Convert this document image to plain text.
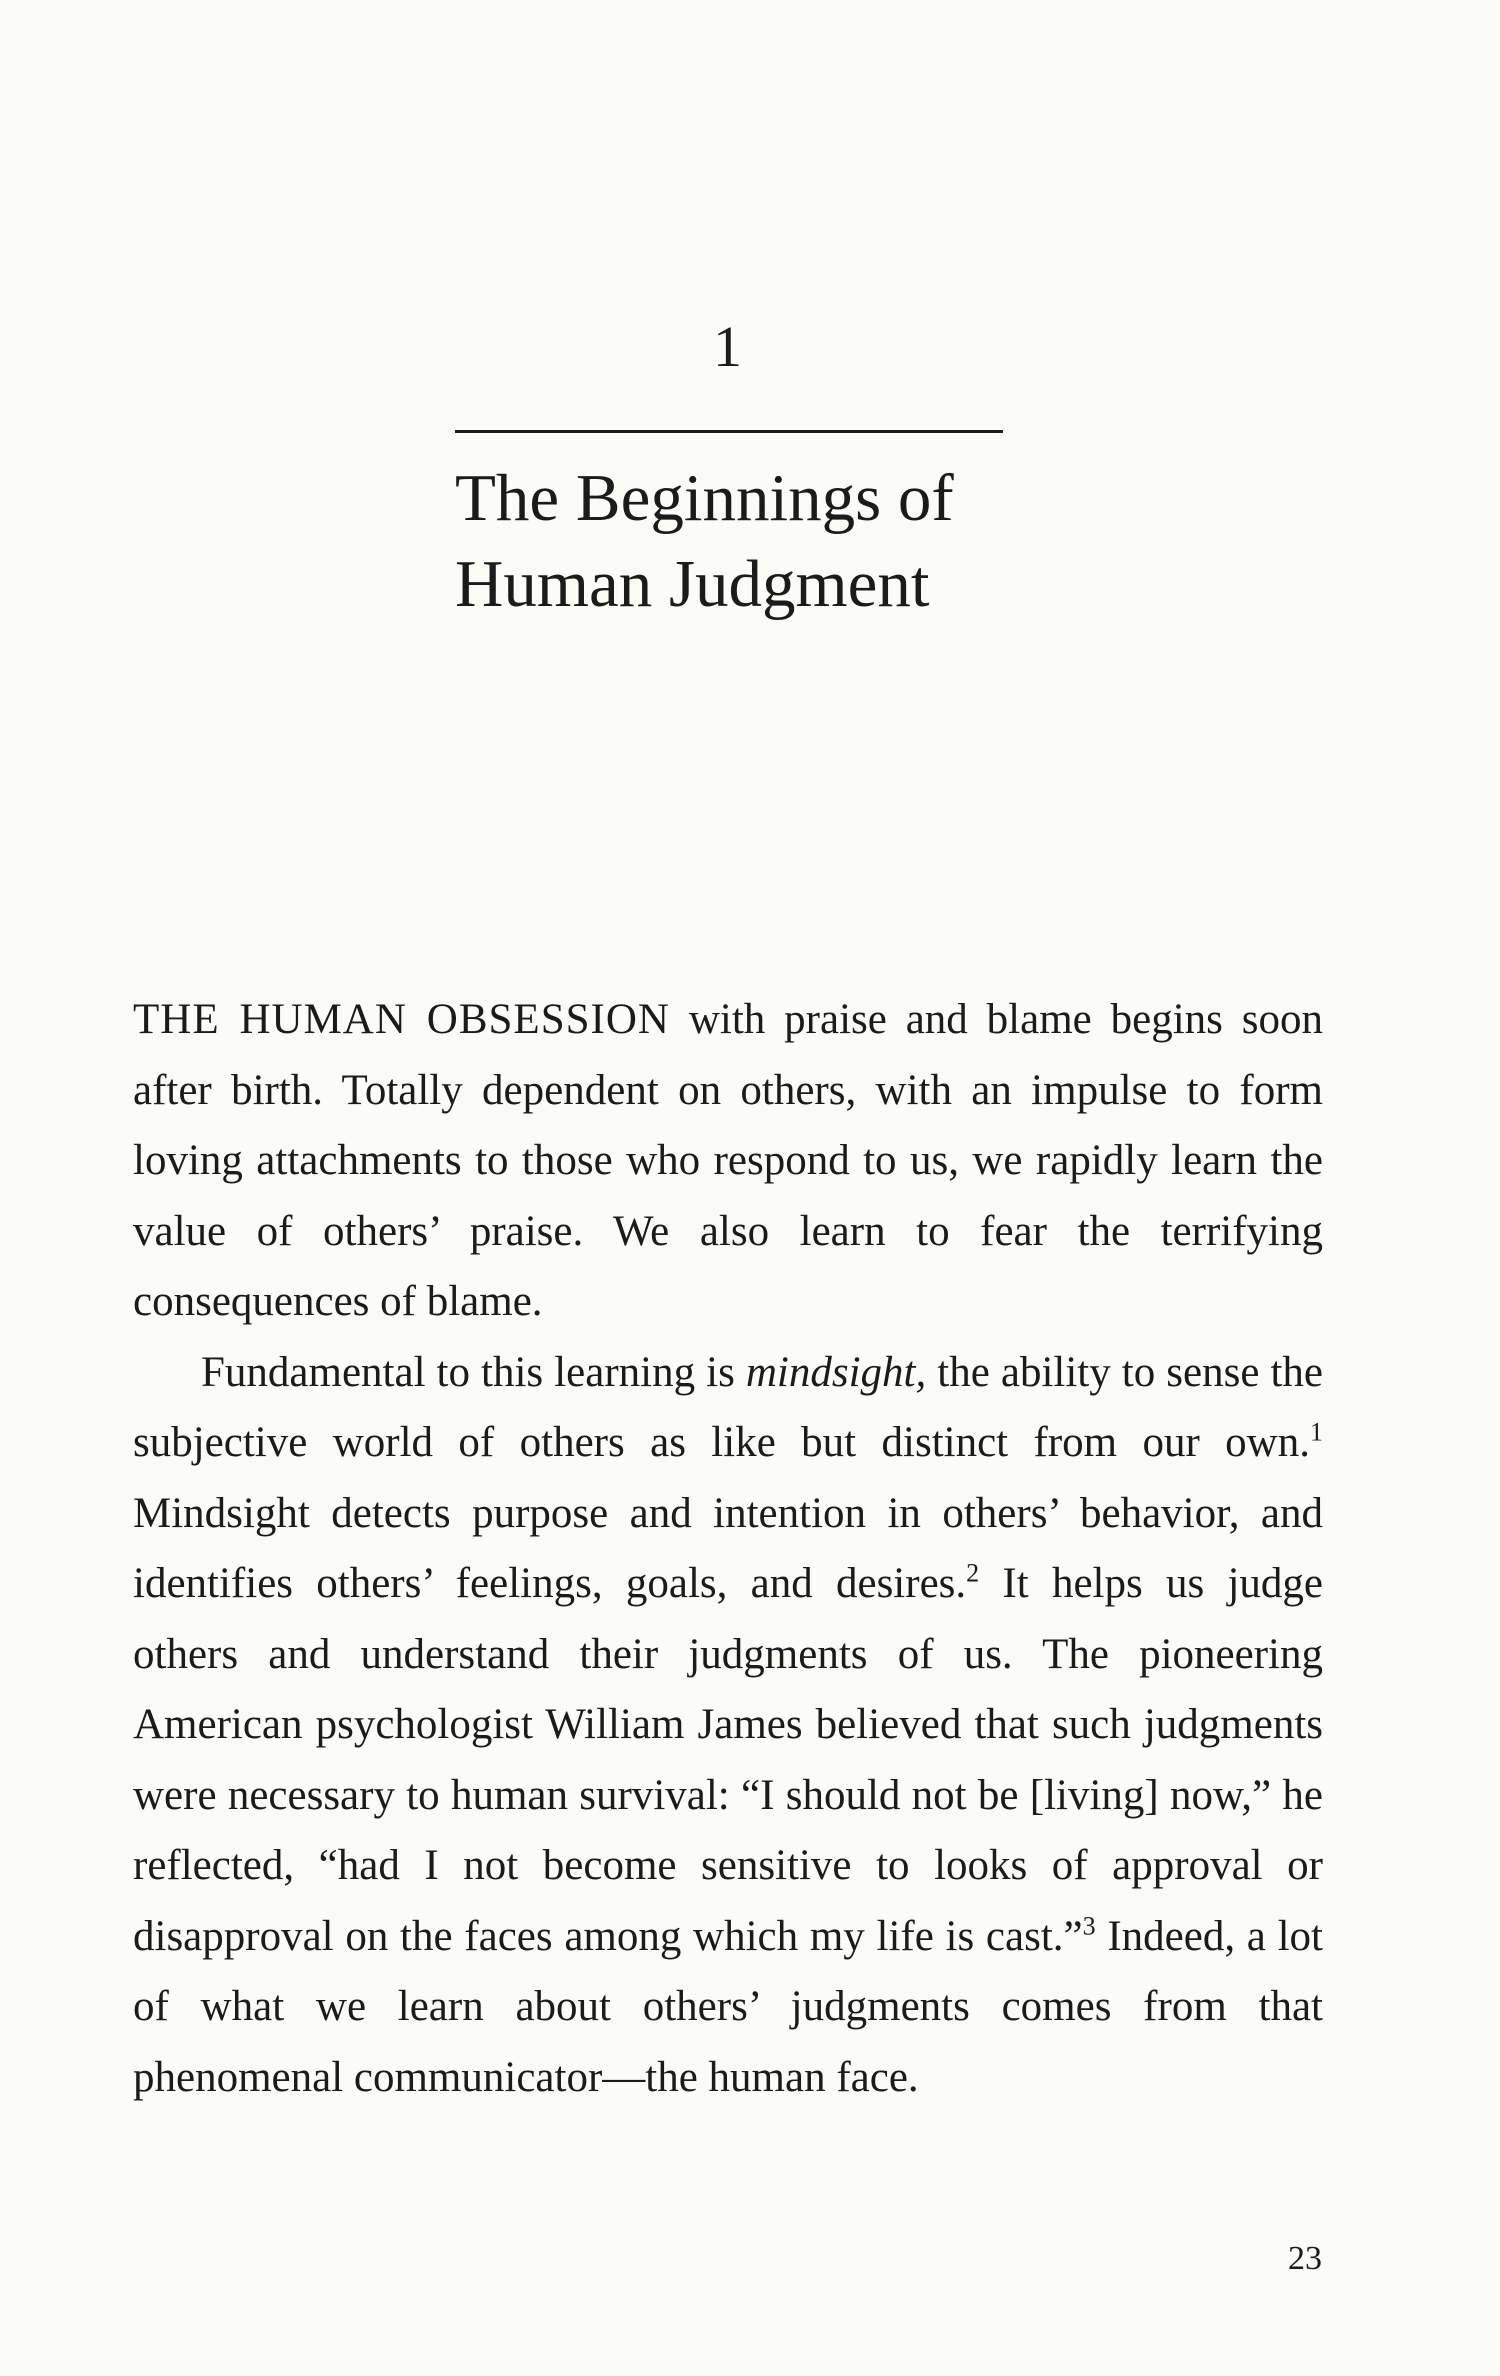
1
The Beginnings of
Human Judgment

THE HUMAN OBSESSION with praise and blame begins soon after birth. Totally dependent on others, with an impulse to form loving attachments to those who respond to us, we rapidly learn the value of others’ praise. We also learn to fear the terrifying consequences of blame.

Fundamental to this learning is mindsight, the ability to sense the subjective world of others as like but distinct from our own.$^1$ Mindsight detects purpose and intention in others’ behavior, and identifies others’ feelings, goals, and desires.$^2$ It helps us judge others and understand their judgments of us. The pioneering American psychologist William James believed that such judgments were necessary to human survival: “I should not be [living] now,” he reflected, “had I not become sensitive to looks of approval or disapproval on the faces among which my life is cast.”$^3$ Indeed, a lot of what we learn about others’ judgments comes from that phenomenal communicator—the human face.

23
